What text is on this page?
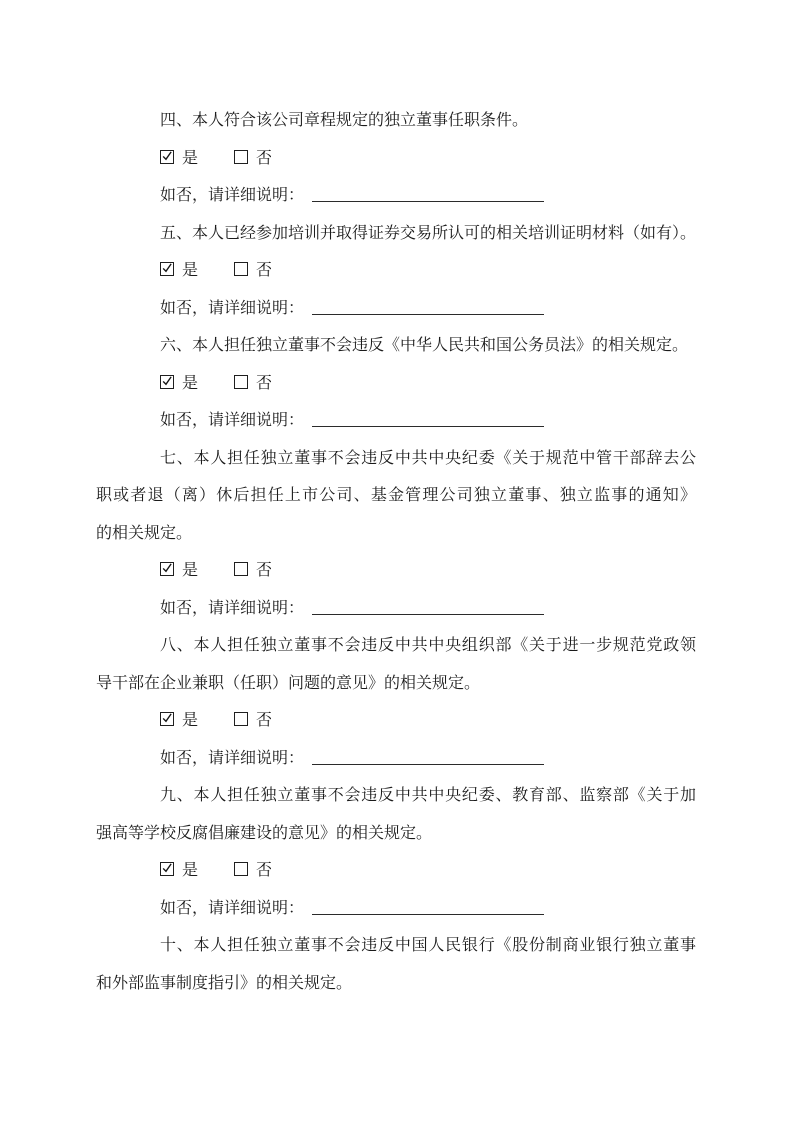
四、本人符合该公司章程规定的独立董事任职条件。
是	否
如否，请详细说明：
五、本人已经参加培训并取得证券交易所认可的相关培训证明材料（如有）。
是	否
如否，请详细说明：
六、本人担任独立董事不会违反《中华人民共和国公务员法》的相关规定。
是	否
如否，请详细说明：
七、本人担任独立董事不会违反中共中央纪委《关于规范中管干部辞去公
职或者退（离）休后担任上市公司、基金管理公司独立董事、独立监事的通知》
的相关规定。
是	否
如否，请详细说明：
八、本人担任独立董事不会违反中共中央组织部《关于进一步规范党政领
导干部在企业兼职（任职）问题的意见》的相关规定。
是	否
如否，请详细说明：
九、本人担任独立董事不会违反中共中央纪委、教育部、监察部《关于加
强高等学校反腐倡廉建设的意见》的相关规定。
是	否
如否，请详细说明：
十、本人担任独立董事不会违反中国人民银行《股份制商业银行独立董事
和外部监事制度指引》的相关规定。
